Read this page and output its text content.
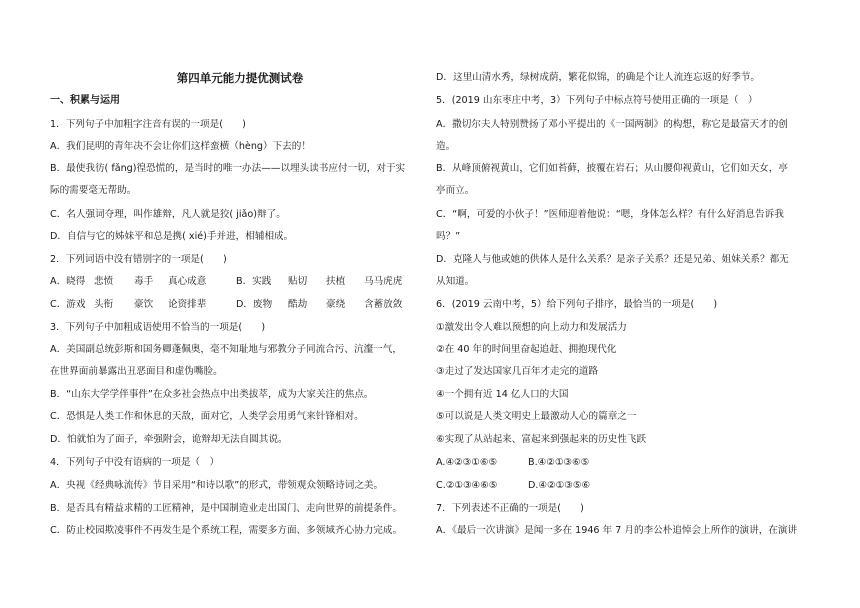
第四单元能力提优测试卷
一、积累与运用
1．下列句子中加粗字注音有误的一项是(　　)
A．我们昆明的青年决不会让你们这样蛮横（hèng）下去的！
B．最使我彷( fǎng)徨恐慌的，是当时的唯一办法——以埋头读书应付一切，对于实
际的需要毫无帮助。
C．名人强词夺理，叫作雄辩，凡人就是狡( jiǎo)辩了。
D．自信与它的姊妹平和总是携( xié)手并进，相辅相成。
2．下列词语中没有错别字的一项是(　　)
A．晓得 悲愤	毒手	真心成意	B．实践	贴切	扶植	马马虎虎
C．游戏 头衔	豪饮	论资排辈	D．废物	酷劫	豪绕	含蓄放敛
3．下列句子中加粗成语使用不恰当的一项是(　　)
A．美国副总统彭斯和国务卿蓬佩奥，毫不知耻地与邪教分子同流合污、沆瀣一气，
在世界面前暴露出丑恶面目和虚伪嘴脸。
B．“山东大学学伴事件”在众多社会热点中出类拔萃，成为大家关注的焦点。
C．恐惧是人类工作和休息的天敌，面对它，人类学会用勇气来针锋相对。
D．怕就怕为了面子，牵强附会，诡辩却无法自圆其说。
4．下列句子中没有语病的一项是（　）
A．央视《经典咏流传》节目采用“和诗以歌”的形式，带领观众领略诗词之美。
B．是否具有精益求精的工匠精神，是中国制造业走出国门、走向世界的前提条件。
C．防止校园欺凌事件不再发生是个系统工程，需要多方面、多领域齐心协力完成。
D．这里山清水秀，绿树成荫，繁花似锦，的确是个让人流连忘返的好季节。
5．(2019 山东枣庄中考，3）下列句子中标点符号使用正确的一项是（　）
A．撒切尔夫人特别赞扬了邓小平提出的《一国两制》的构想，称它是最富天才的创
造。
B．从峰顶俯视黄山，它们如苔藓，披覆在岩石；从山腰仰视黄山，它们如天女，亭
亭而立。
C．“啊，可爱的小伙子！”医师迎着他说：“嗯，身体怎么样？有什么好消息告诉我
吗？”
D．克隆人与他或她的供体人是什么关系？是亲子关系？还是兄弟、姐妹关系？都无
从知道。
6．(2019 云南中考，5）给下列句子排序，最恰当的一项是(　　)
①激发出令人难以预想的向上动力和发展活力
②在 40 年的时间里奋起追赶、拥抱现代化
③走过了发达国家几百年才走完的道路
④一个拥有近 14 亿人口的大国
⑤可以说是人类文明史上最激动人心的篇章之一
⑥实现了从站起来、富起来到强起来的历史性飞跃
A.④②③①⑥⑤	B.④②①③⑥⑤
C.②①③④⑥⑤	D.④②①③⑤⑥
7．下列表述不正确的一项是(　　)
A．《最后一次讲演》是闻一多在 1946 年 7 月的李公朴追悼会上所作的演讲，在演讲
